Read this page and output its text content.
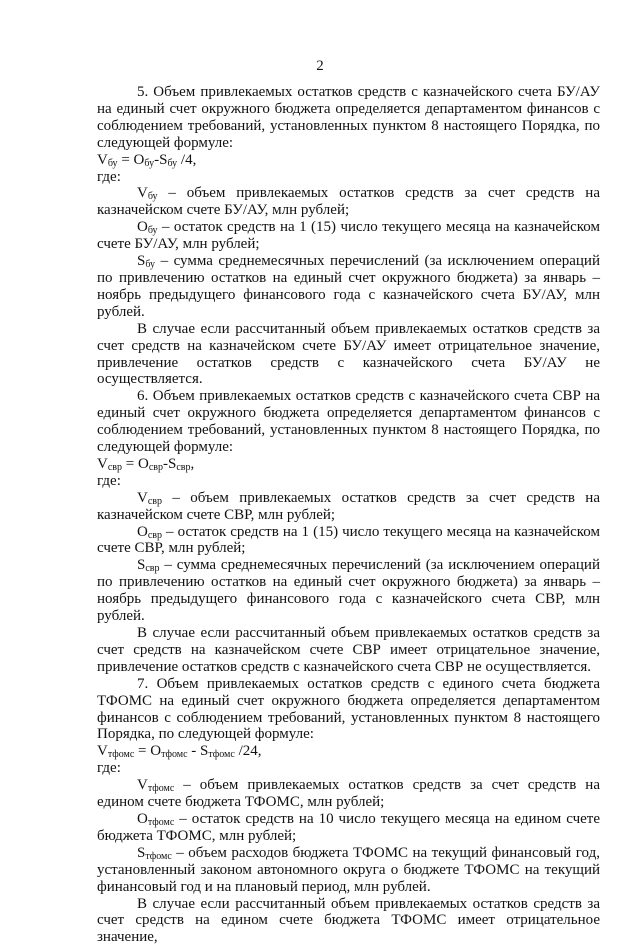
2

5. Объем привлекаемых остатков средств с казначейского счета БУ/АУ на единый счет окружного бюджета определяется департаментом финансов с соблюдением требований, установленных пунктом 8 настоящего Порядка, по следующей формуле:

$V_{бу} = O_{бу}-S_{бу}$ /4,

где:

$V_{бу}$ – объем привлекаемых остатков средств за счет средств на казначейском счете БУ/АУ, млн рублей;

$O_{бу}$ – остаток средств на 1 (15) число текущего месяца на казначейском счете БУ/АУ, млн рублей;

$S_{бу}$ – сумма среднемесячных перечислений (за исключением операций по привлечению остатков на единый счет окружного бюджета) за январь – ноябрь предыдущего финансового года с казначейского счета БУ/АУ, млн рублей.

В случае если рассчитанный объем привлекаемых остатков средств за счет средств на казначейском счете БУ/АУ имеет отрицательное значение, привлечение остатков средств с казначейского счета БУ/АУ не осуществляется.

6. Объем привлекаемых остатков средств с казначейского счета СВР на единый счет окружного бюджета определяется департаментом финансов с соблюдением требований, установленных пунктом 8 настоящего Порядка, по следующей формуле:

$V_{свр} = O_{свр}-S_{свр}$,

где:

$V_{свр}$ – объем привлекаемых остатков средств за счет средств на казначейском счете СВР, млн рублей;

$O_{свр}$ – остаток средств на 1 (15) число текущего месяца на казначейском счете СВР, млн рублей;

$S_{свр}$ – сумма среднемесячных перечислений (за исключением операций по привлечению остатков на единый счет окружного бюджета) за январь – ноябрь предыдущего финансового года с казначейского счета СВР, млн рублей.

В случае если рассчитанный объем привлекаемых остатков средств за счет средств на казначейском счете СВР имеет отрицательное значение, привлечение остатков средств с казначейского счета СВР не осуществляется.

7. Объем привлекаемых остатков средств с единого счета бюджета ТФОМС на единый счет окружного бюджета определяется департаментом финансов с соблюдением требований, установленных пунктом 8 настоящего Порядка, по следующей формуле:

$V_{тфомс} = O_{тфомс} - S_{тфомс}$ /24,

где:

$V_{тфомс}$ – объем привлекаемых остатков средств за счет средств на едином счете бюджета ТФОМС, млн рублей;

$O_{тфомс}$ – остаток средств на 10 число текущего месяца на едином счете бюджета ТФОМС, млн рублей;

$S_{тфомс}$ – объем расходов бюджета ТФОМС на текущий финансовый год, установленный законом автономного округа о бюджете ТФОМС на текущий финансовый год и на плановый период, млн рублей.

В случае если рассчитанный объем привлекаемых остатков средств за счет средств на едином счете бюджета ТФОМС имеет отрицательное значение,
